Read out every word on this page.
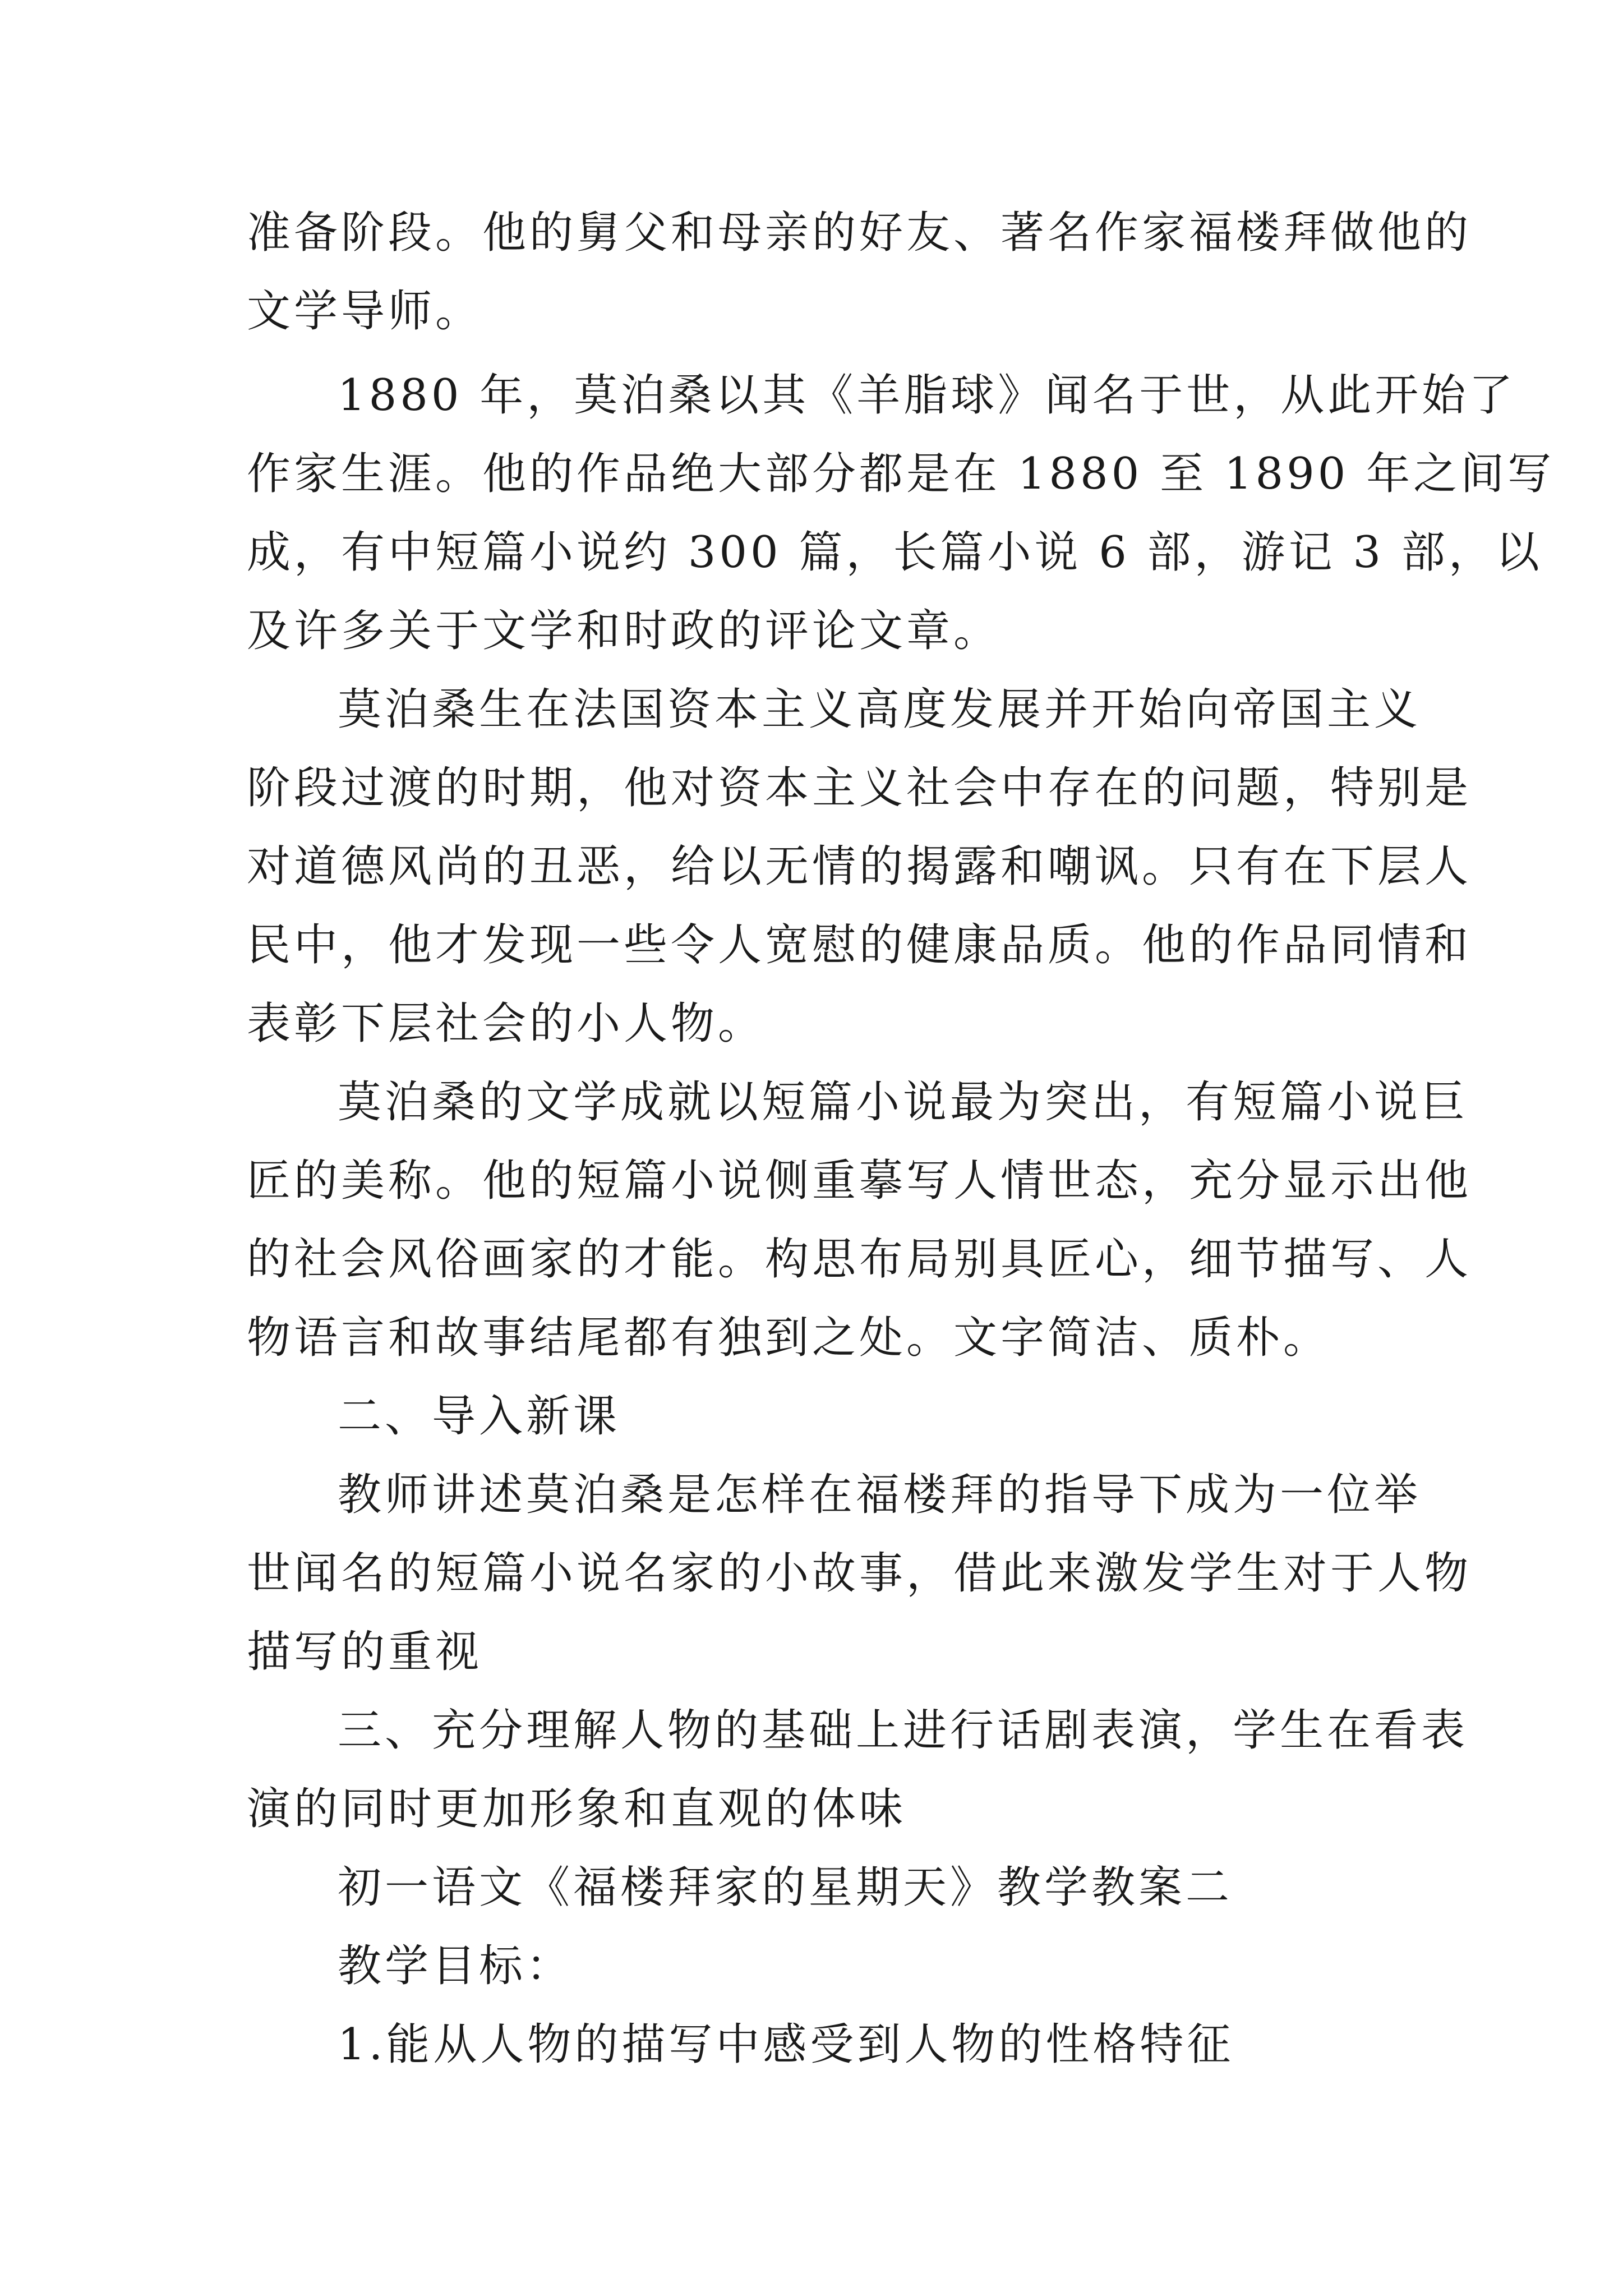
准备阶段。他的舅父和母亲的好友、著名作家福楼拜做他的
文学导师。
1880 年，莫泊桑以其《羊脂球》闻名于世，从此开始了
作家生涯。他的作品绝大部分都是在 1880 至 1890 年之间写
成，有中短篇小说约 300 篇，长篇小说 6 部，游记 3 部，以
及许多关于文学和时政的评论文章。
莫泊桑生在法国资本主义高度发展并开始向帝国主义
阶段过渡的时期，他对资本主义社会中存在的问题，特别是
对道德风尚的丑恶，给以无情的揭露和嘲讽。只有在下层人
民中，他才发现一些令人宽慰的健康品质。他的作品同情和
表彰下层社会的小人物。
莫泊桑的文学成就以短篇小说最为突出，有短篇小说巨
匠的美称。他的短篇小说侧重摹写人情世态，充分显示出他
的社会风俗画家的才能。构思布局别具匠心，细节描写、人
物语言和故事结尾都有独到之处。文字简洁、质朴。
二、导入新课
教师讲述莫泊桑是怎样在福楼拜的指导下成为一位举
世闻名的短篇小说名家的小故事，借此来激发学生对于人物
描写的重视
三、充分理解人物的基础上进行话剧表演，学生在看表
演的同时更加形象和直观的体味
初一语文《福楼拜家的星期天》教学教案二
教学目标：
1.能从人物的描写中感受到人物的性格特征
